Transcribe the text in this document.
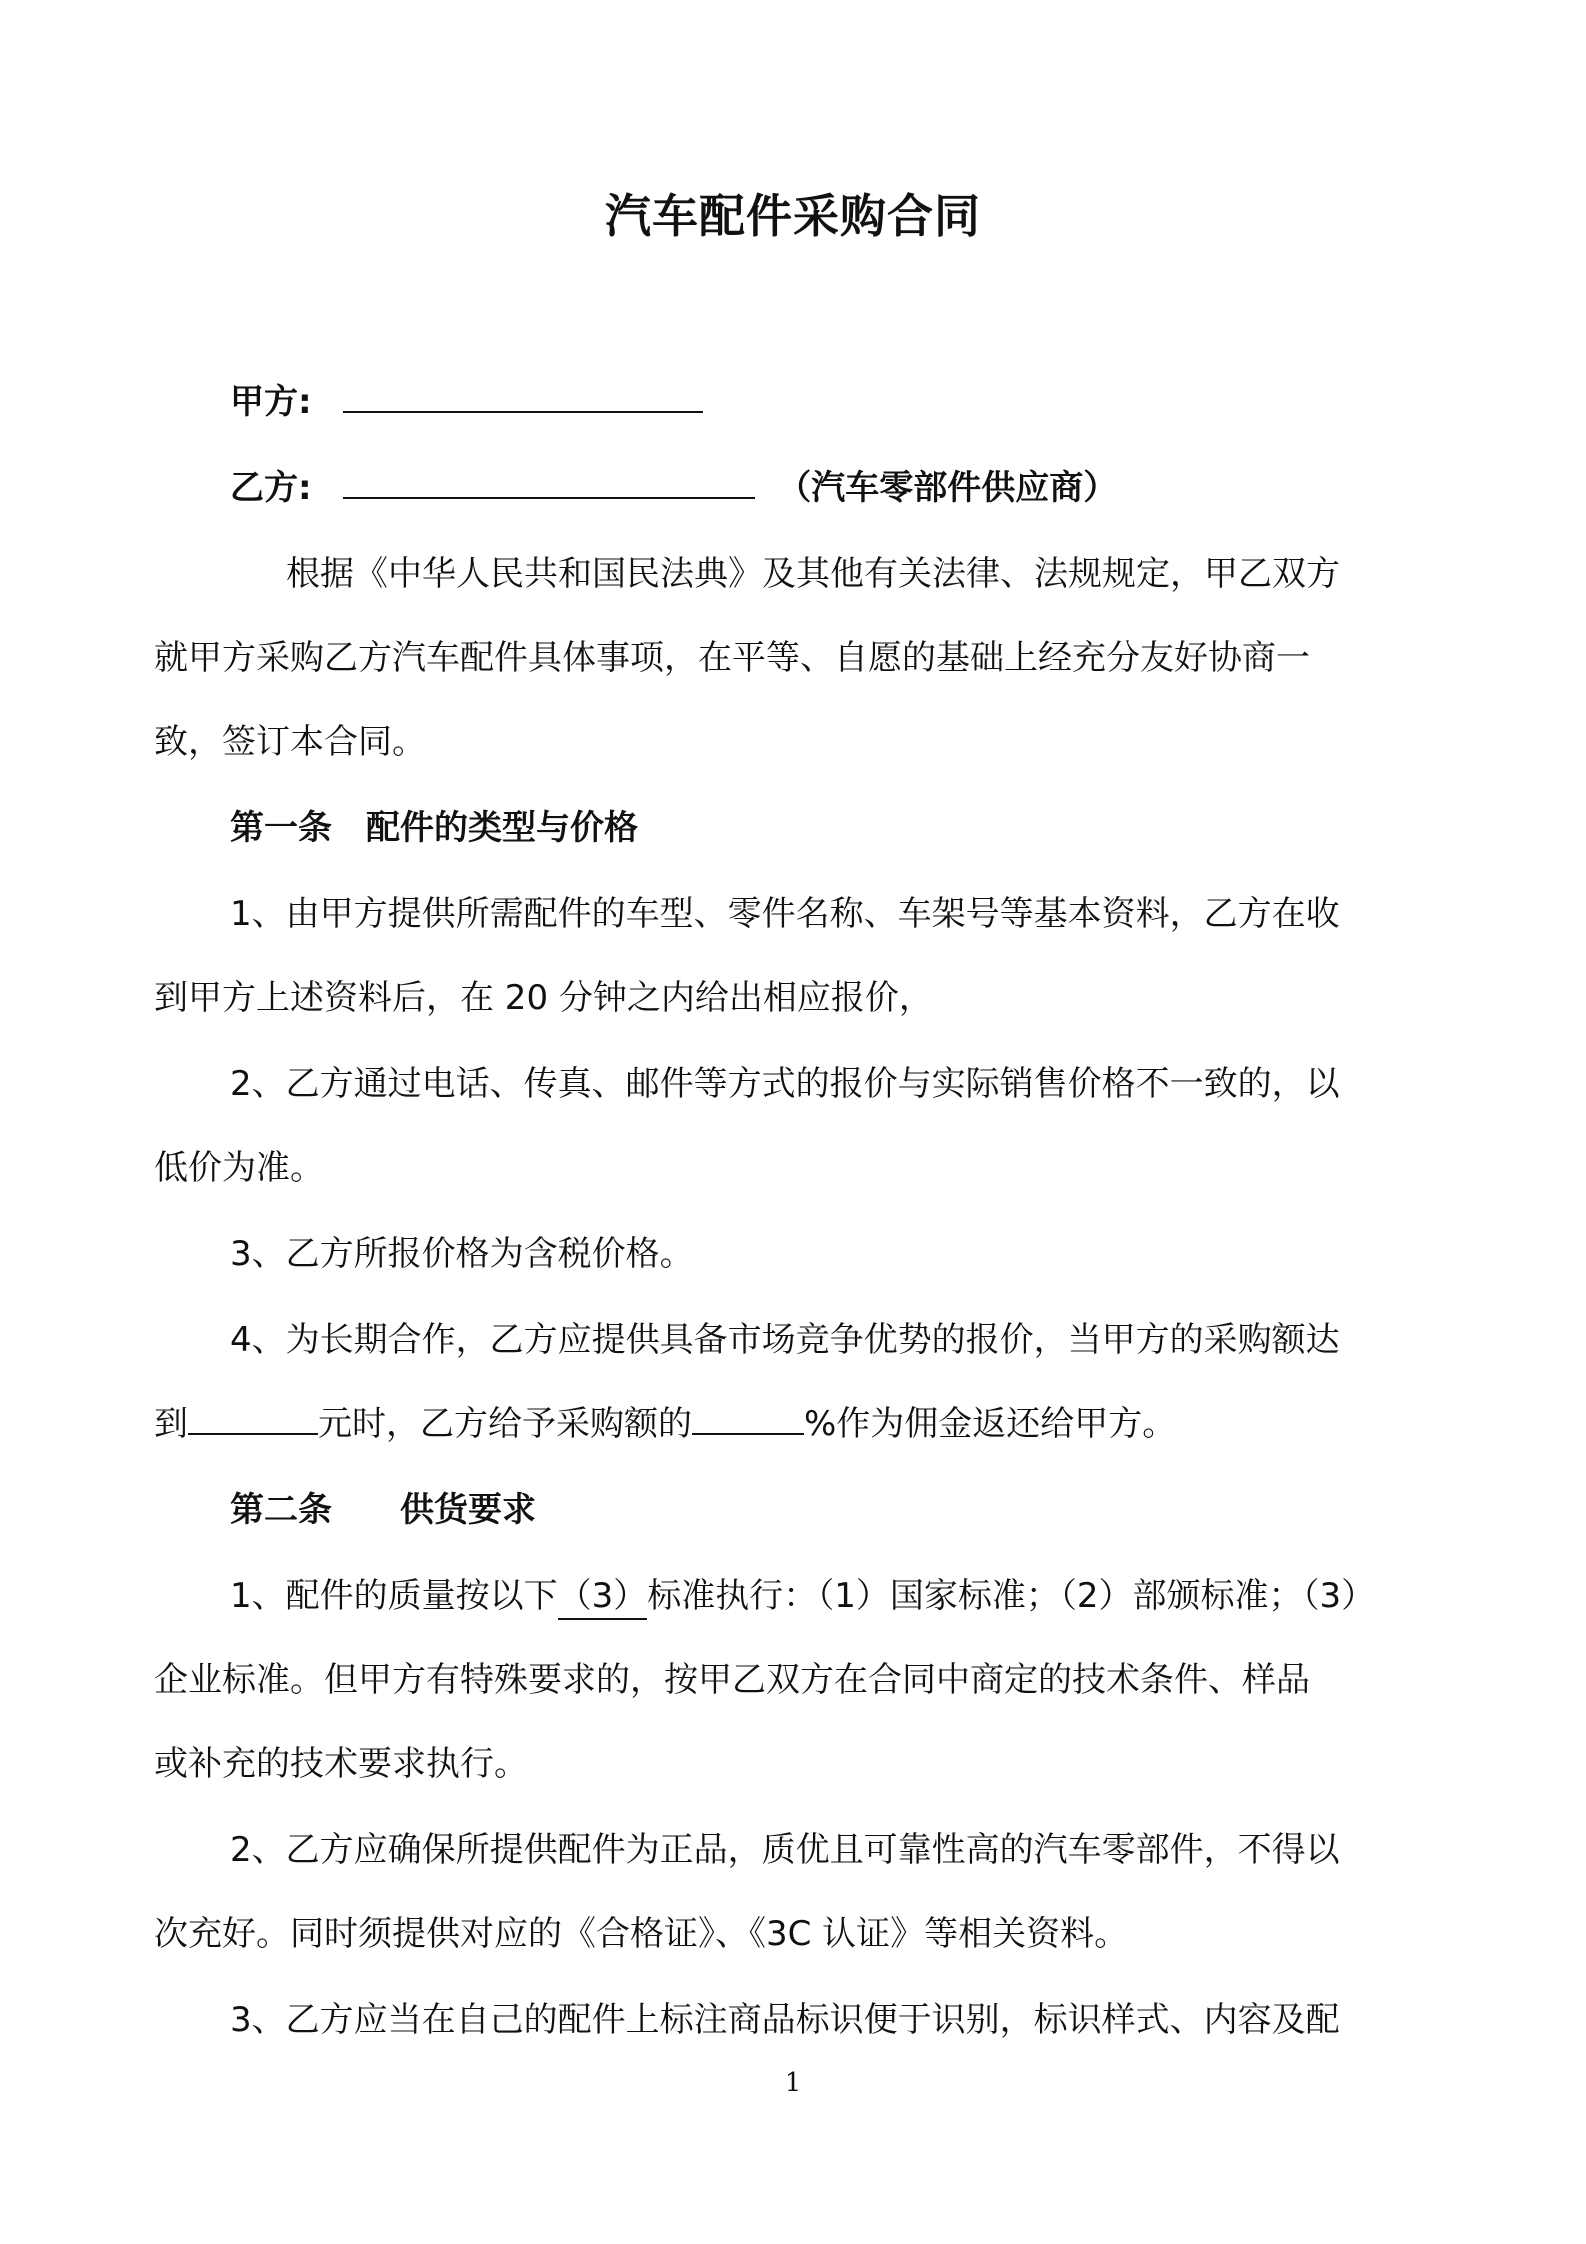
汽车配件采购合同
甲方:
乙方:	（汽车零部件供应商）
根据《中华人民共和国民法典》及其他有关法律、法规规定，甲乙双方
就甲方采购乙方汽车配件具体事项，在平等、自愿的基础上经充分友好协商一
致，签订本合同。
第一条　配件的类型与价格
1、由甲方提供所需配件的车型、零件名称、车架号等基本资料，乙方在收
到甲方上述资料后，在 20 分钟之内给出相应报价，
2、乙方通过电话、传真、邮件等方式的报价与实际销售价格不一致的，以
低价为准。
3、乙方所报价格为含税价格。
4、为长期合作，乙方应提供具备市场竞争优势的报价，当甲方的采购额达
到	元时，乙方给予采购额的	%作为佣金返还给甲方。
第二条　　供货要求
1、配件的质量按以下（3）标准执行：（1）国家标准；（2）部颁标准；（3）
企业标准。但甲方有特殊要求的，按甲乙双方在合同中商定的技术条件、样品
或补充的技术要求执行。
2、乙方应确保所提供配件为正品，质优且可靠性高的汽车零部件，不得以
次充好。同时须提供对应的《合格证》、《3C 认证》等相关资料。
3、乙方应当在自己的配件上标注商品标识便于识别，标识样式、内容及配
1
